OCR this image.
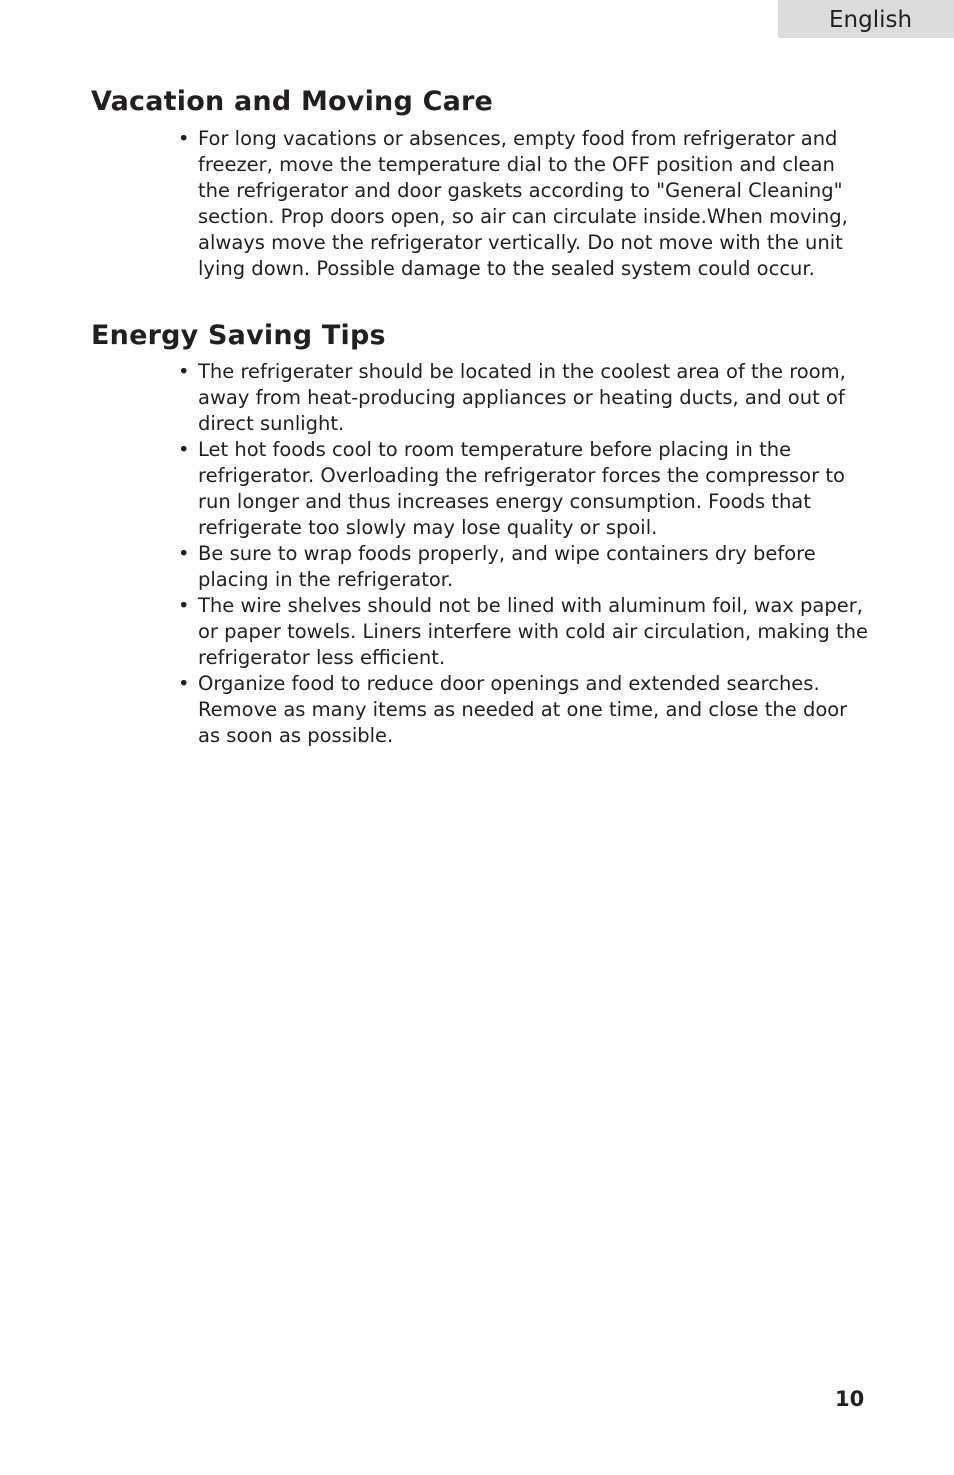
English
Vacation and Moving Care
• For long vacations or absences, empty food from refrigerator and freezer, move the temperature dial to the OFF position and clean the refrigerator and door gaskets according to "General Cleaning" section. Prop doors open, so air can circulate inside.When moving, always move the refrigerator vertically. Do not move with the unit lying down. Possible damage to the sealed system could occur.
Energy Saving Tips
• The refrigerater should be located in the coolest area of the room, away from heat-producing appliances or heating ducts, and out of direct sunlight.
• Let hot foods cool to room temperature before placing in the refrigerator. Overloading the refrigerator forces the compressor to run longer and thus increases energy consumption. Foods that refrigerate too slowly may lose quality or spoil.
• Be sure to wrap foods properly, and wipe containers dry before placing in the refrigerator.
• The wire shelves should not be lined with aluminum foil, wax paper, or paper towels. Liners interfere with cold air circulation, making the refrigerator less efficient.
• Organize food to reduce door openings and extended searches. Remove as many items as needed at one time, and close the door as soon as possible.
10
